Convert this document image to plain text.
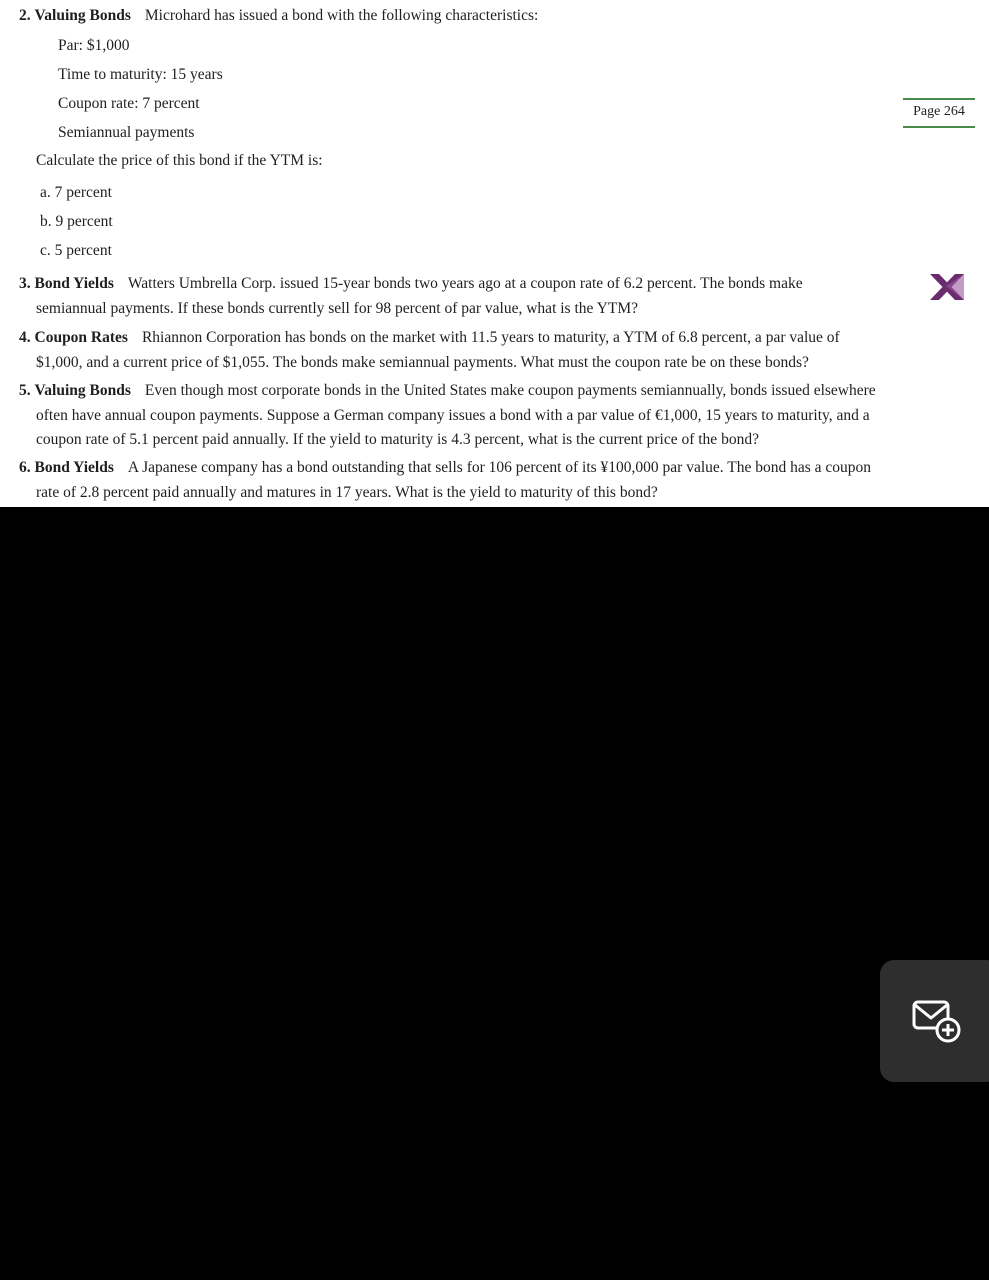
2. Valuing Bonds Microhard has issued a bond with the following characteristics:
Par: $1,000
Time to maturity: 15 years
Coupon rate: 7 percent
Semiannual payments
Calculate the price of this bond if the YTM is:
a. 7 percent
b. 9 percent
c. 5 percent
Page 264
3. Bond Yields Watters Umbrella Corp. issued 15-year bonds two years ago at a coupon rate of 6.2 percent. The bonds make
semiannual payments. If these bonds currently sell for 98 percent of par value, what is the YTM?
4. Coupon Rates Rhiannon Corporation has bonds on the market with 11.5 years to maturity, a YTM of 6.8 percent, a par value of
$1,000, and a current price of $1,055. The bonds make semiannual payments. What must the coupon rate be on these bonds?
5. Valuing Bonds Even though most corporate bonds in the United States make coupon payments semiannually, bonds issued elsewhere
often have annual coupon payments. Suppose a German company issues a bond with a par value of €1,000, 15 years to maturity, and a
coupon rate of 5.1 percent paid annually. If the yield to maturity is 4.3 percent, what is the current price of the bond?
6. Bond Yields A Japanese company has a bond outstanding that sells for 106 percent of its ¥100,000 par value. The bond has a coupon
rate of 2.8 percent paid annually and matures in 17 years. What is the yield to maturity of this bond?
